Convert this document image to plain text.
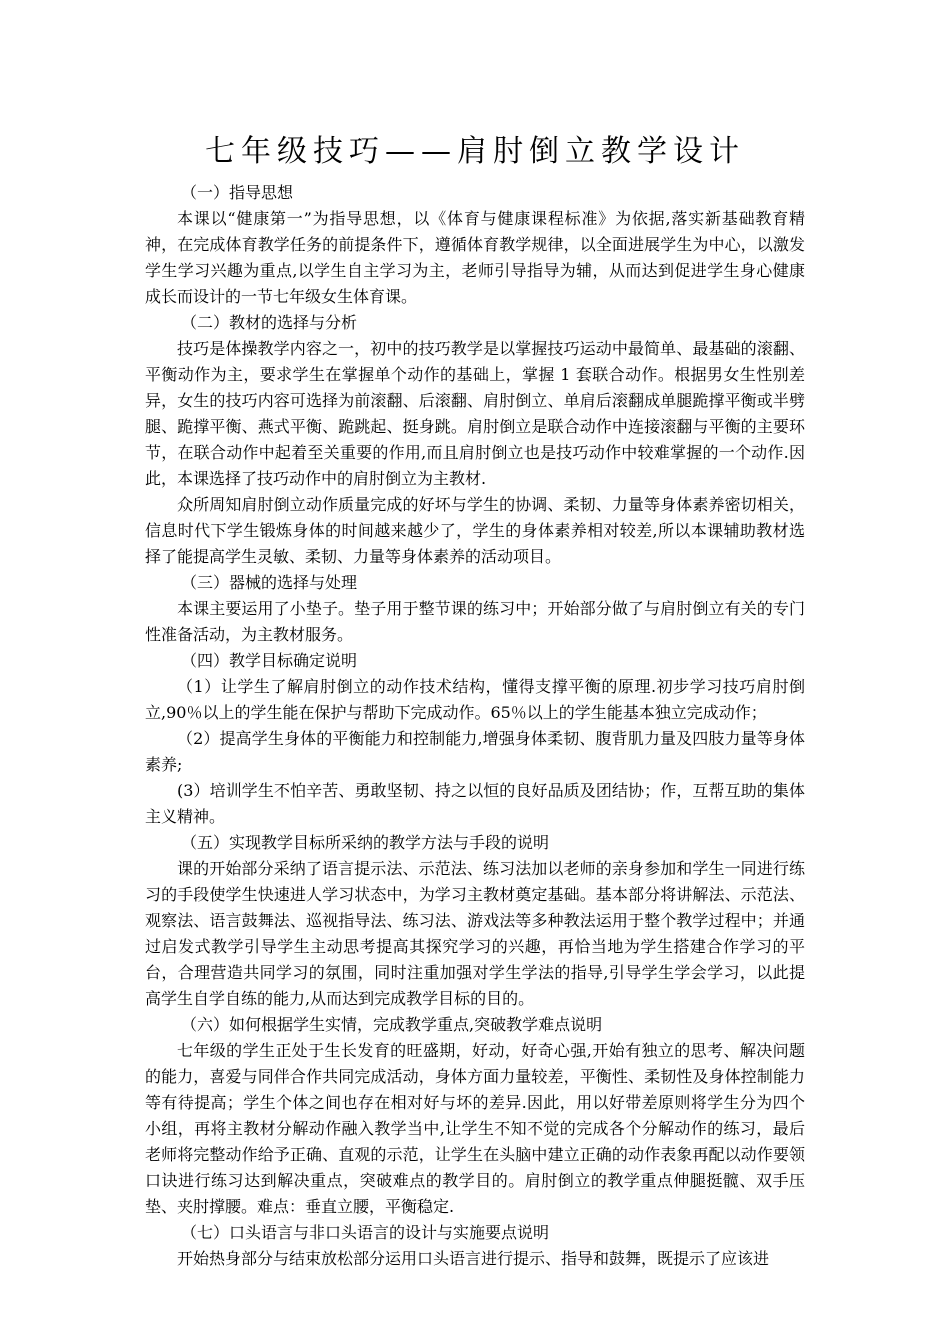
七年级技巧——肩肘倒立教学设计

（一）指导思想

本课以“健康第一”为指导思想，以《体育与健康课程标准》为依据,落实新基础教育精神，在完成体育教学任务的前提条件下，遵循体育教学规律，以全面进展学生为中心，以激发学生学习兴趣为重点,以学生自主学习为主，老师引导指导为辅，从而达到促进学生身心健康成长而设计的一节七年级女生体育课。

（二）教材的选择与分析

技巧是体操教学内容之一，初中的技巧教学是以掌握技巧运动中最简单、最基础的滚翻、平衡动作为主，要求学生在掌握单个动作的基础上，掌握 1 套联合动作。根据男女生性别差异，女生的技巧内容可选择为前滚翻、后滚翻、肩肘倒立、单肩后滚翻成单腿跪撑平衡或半劈腿、跪撑平衡、燕式平衡、跪跳起、挺身跳。肩肘倒立是联合动作中连接滚翻与平衡的主要环节，在联合动作中起着至关重要的作用,而且肩肘倒立也是技巧动作中较难掌握的一个动作.因此，本课选择了技巧动作中的肩肘倒立为主教材.

众所周知肩肘倒立动作质量完成的好坏与学生的协调、柔韧、力量等身体素养密切相关，信息时代下学生锻炼身体的时间越来越少了，学生的身体素养相对较差,所以本课辅助教材选择了能提高学生灵敏、柔韧、力量等身体素养的活动项目。

（三）器械的选择与处理

本课主要运用了小垫子。垫子用于整节课的练习中；开始部分做了与肩肘倒立有关的专门性准备活动，为主教材服务。

（四）教学目标确定说明

（1）让学生了解肩肘倒立的动作技术结构，懂得支撑平衡的原理.初步学习技巧肩肘倒立,90％以上的学生能在保护与帮助下完成动作。65％以上的学生能基本独立完成动作；

（2）提高学生身体的平衡能力和控制能力,增强身体柔韧、腹背肌力量及四肢力量等身体素养;

(3）培训学生不怕辛苦、勇敢坚韧、持之以恒的良好品质及团结协；作，互帮互助的集体主义精神。

（五）实现教学目标所采纳的教学方法与手段的说明

课的开始部分采纳了语言提示法、示范法、练习法加以老师的亲身参加和学生一同进行练习的手段使学生快速进人学习状态中，为学习主教材奠定基础。基本部分将讲解法、示范法、观察法、语言鼓舞法、巡视指导法、练习法、游戏法等多种教法运用于整个教学过程中；并通过启发式教学引导学生主动思考提高其探究学习的兴趣，再恰当地为学生搭建合作学习的平台，合理营造共同学习的氛围，同时注重加强对学生学法的指导,引导学生学会学习，以此提高学生自学自练的能力,从而达到完成教学目标的目的。

（六）如何根据学生实情，完成教学重点,突破教学难点说明

七年级的学生正处于生长发育的旺盛期，好动，好奇心强,开始有独立的思考、解决问题的能力，喜爱与同伴合作共同完成活动，身体方面力量较差，平衡性、柔韧性及身体控制能力等有待提高；学生个体之间也存在相对好与坏的差异.因此，用以好带差原则将学生分为四个小组，再将主教材分解动作融入教学当中,让学生不知不觉的完成各个分解动作的练习，最后老师将完整动作给予正确、直观的示范，让学生在头脑中建立正确的动作表象再配以动作要领口诀进行练习达到解决重点，突破难点的教学目的。肩肘倒立的教学重点伸腿挺髋、双手压垫、夹肘撑腰。难点：垂直立腰，平衡稳定.

（七）口头语言与非口头语言的设计与实施要点说明

开始热身部分与结束放松部分运用口头语言进行提示、指导和鼓舞，既提示了应该进
